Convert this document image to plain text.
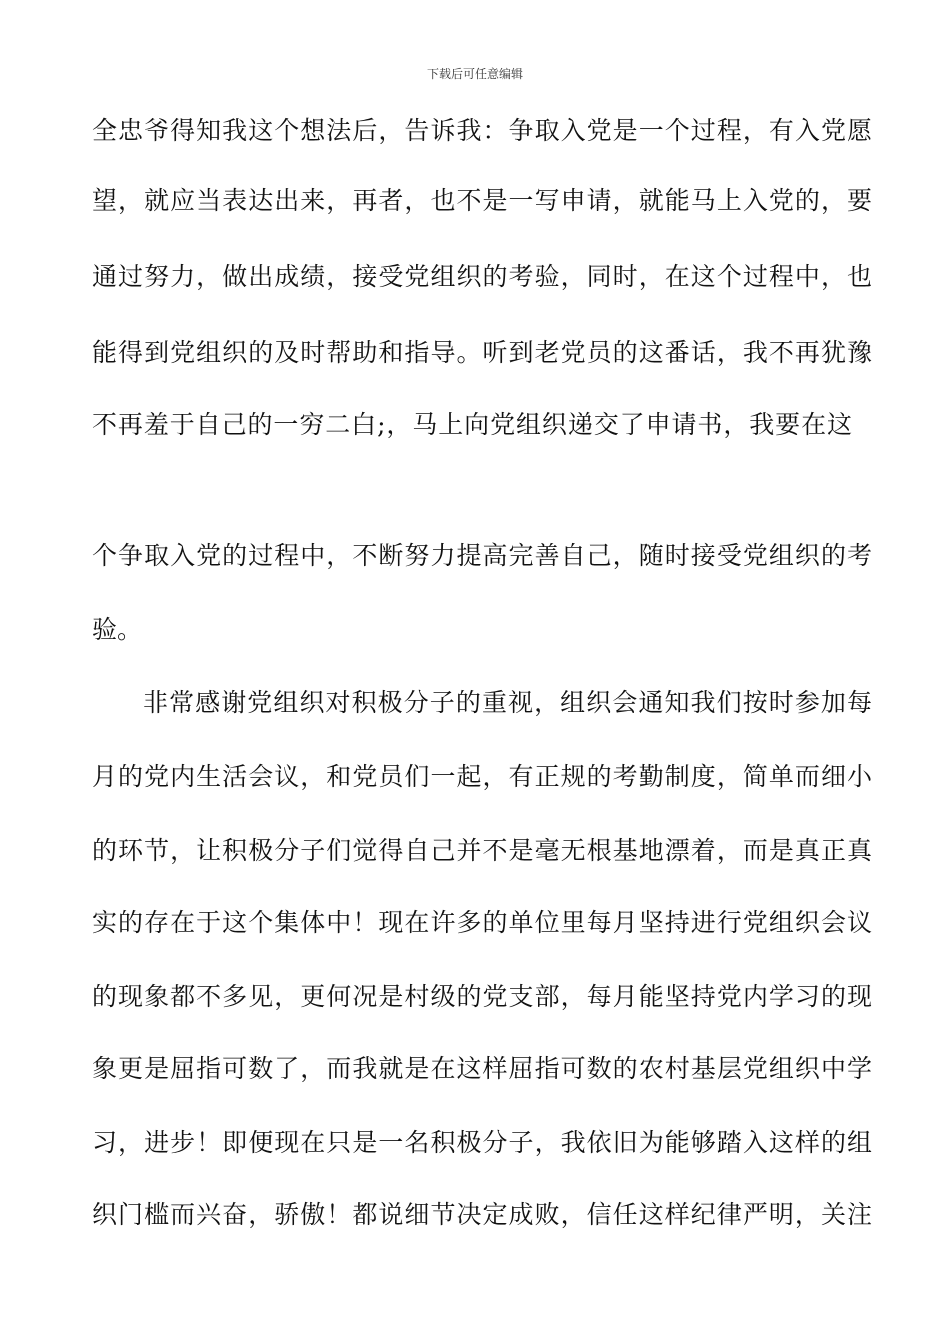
下载后可任意编辑
全忠爷得知我这个想法后，告诉我：争取入党是一个过程，有入党愿
望，就应当表达出来，再者，也不是一写申请，就能马上入党的，要
通过努力，做出成绩，接受党组织的考验，同时，在这个过程中，也
能得到党组织的及时帮助和指导。听到老党员的这番话，我不再犹豫
不再羞于自己的一穷二白;，马上向党组织递交了申请书，我要在这
个争取入党的过程中，不断努力提高完善自己，随时接受党组织的考
验。
非常感谢党组织对积极分子的重视，组织会通知我们按时参加每
月的党内生活会议，和党员们一起，有正规的考勤制度，简单而细小
的环节，让积极分子们觉得自己并不是毫无根基地漂着，而是真正真
实的存在于这个集体中！现在许多的单位里每月坚持进行党组织会议
的现象都不多见，更何况是村级的党支部，每月能坚持党内学习的现
象更是屈指可数了，而我就是在这样屈指可数的农村基层党组织中学
习，进步！即便现在只是一名积极分子，我依旧为能够踏入这样的组
织门槛而兴奋，骄傲！都说细节决定成败，信任这样纪律严明，关注
